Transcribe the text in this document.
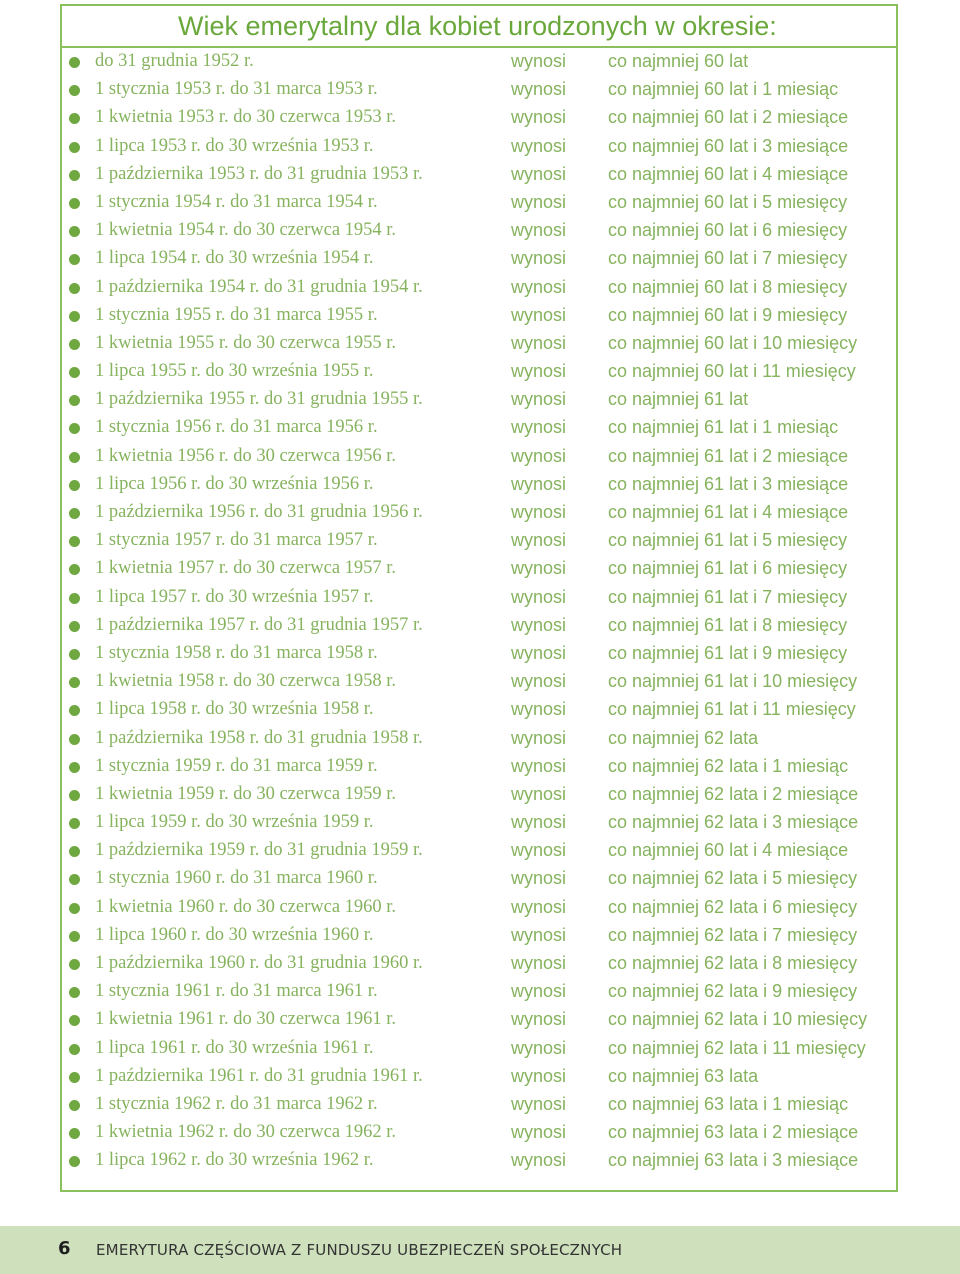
Wiek emerytalny dla kobiet urodzonych w okresie:
do 31 grudnia 1952 r.	wynosi co najmniej 60 lat
1 stycznia 1953 r. do 31 marca 1953 r.	wynosi co najmniej 60 lat i 1 miesiąc
1 kwietnia 1953 r. do 30 czerwca 1953 r.	wynosi co najmniej 60 lat i 2 miesiące
1 lipca 1953 r. do 30 września 1953 r.	wynosi co najmniej 60 lat i 3 miesiące
1 października 1953 r. do 31 grudnia 1953 r.	wynosi co najmniej 60 lat i 4 miesiące
1 stycznia 1954 r. do 31 marca 1954 r.	wynosi co najmniej 60 lat i 5 miesięcy
1 kwietnia 1954 r. do 30 czerwca 1954 r.	wynosi co najmniej 60 lat i 6 miesięcy
1 lipca 1954 r. do 30 września 1954 r.	wynosi co najmniej 60 lat i 7 miesięcy
1 października 1954 r. do 31 grudnia 1954 r.	wynosi co najmniej 60 lat i 8 miesięcy
1 stycznia 1955 r. do 31 marca 1955 r.	wynosi co najmniej 60 lat i 9 miesięcy
1 kwietnia 1955 r. do 30 czerwca 1955 r.	wynosi co najmniej 60 lat i 10 miesięcy
1 lipca 1955 r. do 30 września 1955 r.	wynosi co najmniej 60 lat i 11 miesięcy
1 października 1955 r. do 31 grudnia 1955 r.	wynosi co najmniej 61 lat
1 stycznia 1956 r. do 31 marca 1956 r.	wynosi co najmniej 61 lat i 1 miesiąc
1 kwietnia 1956 r. do 30 czerwca 1956 r.	wynosi co najmniej 61 lat i 2 miesiące
1 lipca 1956 r. do 30 września 1956 r.	wynosi co najmniej 61 lat i 3 miesiące
1 października 1956 r. do 31 grudnia 1956 r.	wynosi co najmniej 61 lat i 4 miesiące
1 stycznia 1957 r. do 31 marca 1957 r.	wynosi co najmniej 61 lat i 5 miesięcy
1 kwietnia 1957 r. do 30 czerwca 1957 r.	wynosi co najmniej 61 lat i 6 miesięcy
1 lipca 1957 r. do 30 września 1957 r.	wynosi co najmniej 61 lat i 7 miesięcy
1 października 1957 r. do 31 grudnia 1957 r.	wynosi co najmniej 61 lat i 8 miesięcy
1 stycznia 1958 r. do 31 marca 1958 r.	wynosi co najmniej 61 lat i 9 miesięcy
1 kwietnia 1958 r. do 30 czerwca 1958 r.	wynosi co najmniej 61 lat i 10 miesięcy
1 lipca 1958 r. do 30 września 1958 r.	wynosi co najmniej 61 lat i 11 miesięcy
1 października 1958 r. do 31 grudnia 1958 r.	wynosi co najmniej 62 lata
1 stycznia 1959 r. do 31 marca 1959 r.	wynosi co najmniej 62 lata i 1 miesiąc
1 kwietnia 1959 r. do 30 czerwca 1959 r.	wynosi co najmniej 62 lata i 2 miesiące
1 lipca 1959 r. do 30 września 1959 r.	wynosi co najmniej 62 lata i 3 miesiące
1 października 1959 r. do 31 grudnia 1959 r.	wynosi co najmniej 60 lat i 4 miesiące
1 stycznia 1960 r. do 31 marca 1960 r.	wynosi co najmniej 62 lata i 5 miesięcy
1 kwietnia 1960 r. do 30 czerwca 1960 r.	wynosi co najmniej 62 lata i 6 miesięcy
1 lipca 1960 r. do 30 września 1960 r.	wynosi co najmniej 62 lata i 7 miesięcy
1 października 1960 r. do 31 grudnia 1960 r.	wynosi co najmniej 62 lata i 8 miesięcy
1 stycznia 1961 r. do 31 marca 1961 r.	wynosi co najmniej 62 lata i 9 miesięcy
1 kwietnia 1961 r. do 30 czerwca 1961 r.	wynosi co najmniej 62 lata i 10 miesięcy
1 lipca 1961 r. do 30 września 1961 r.	wynosi co najmniej 62 lata i 11 miesięcy
1 października 1961 r. do 31 grudnia 1961 r.	wynosi co najmniej 63 lata
1 stycznia 1962 r. do 31 marca 1962 r.	wynosi co najmniej 63 lata i 1 miesiąc
1 kwietnia 1962 r. do 30 czerwca 1962 r.	wynosi co najmniej 63 lata i 2 miesiące
1 lipca 1962 r. do 30 września 1962 r.	wynosi co najmniej 63 lata i 3 miesiące
6 EMERYTURA CZĘŚCIOWA Z FUNDUSZU UBEZPIECZEŃ SPOŁECZNYCH
